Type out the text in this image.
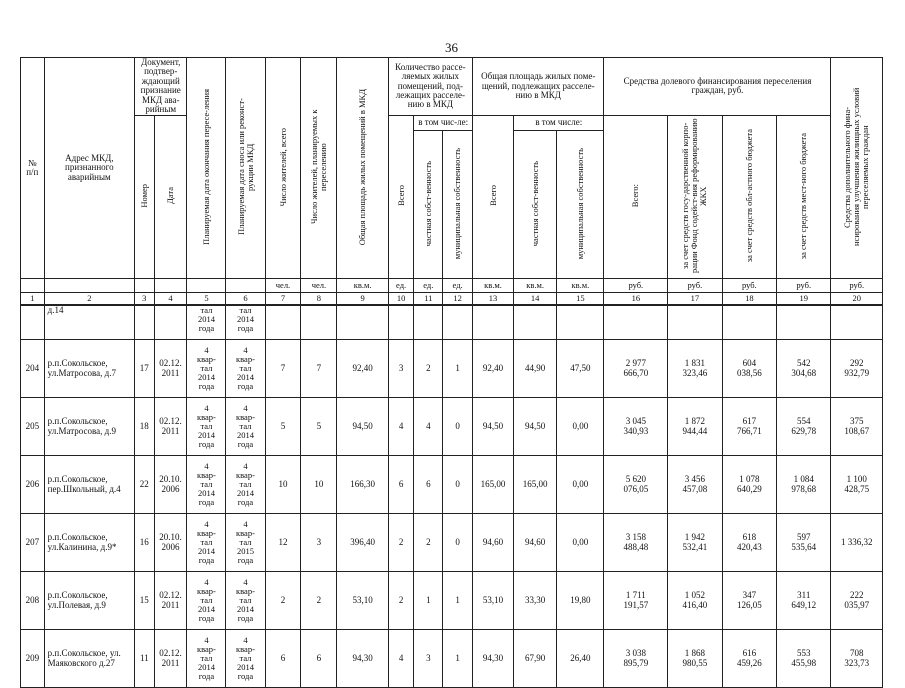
36
№
п/п	Адрес МКД, признанного аварийным	Документ, подтвер-ждающий признание МКД ава-рийным		Планируемая дата окончания пересе-ления	Планируемая дата сноса или реконст-рукции МКД	Число жителей, всего	Число жителей, планируемых к переселению	Общая площадь жилых помещений в МКД	Количество рассе-ляемых жилых помещений, под-лежащих расселе-нию в МКД			Общая площадь жилых поме-щений, подлежащих расселе-нию в МКД			Средства долевого финансирования переселения граждан, руб.				Средства дополнительного фина-нсирования улучшения жилищных условий переселяемых граждан
		Номер	Дата						Всего	в том чис-ле:		Всего	в том числе:		Всего:	за счет средств госу-дарственной корпо-рации Фонд содейст-вия реформированию ЖКХ	за счет средств обл-астного бюджета	за счет средств мест-ного бюджета	
										частная собст-венность	муниципальная собственность		частная собст-венность	муниципальная собственность					
						чел.	чел.	кв.м.	ед.	ед.	ед.	кв.м.	кв.м.	кв.м.	руб.	руб.	руб.	руб.	руб.
1	2	3	4	5	6	7	8	9	10	11	12	13	14	15	16	17	18	19	20
	д.14			тал
2014
года	тал
2014
года														
204	р.п.Сокольское, ул.Матросова, д.7	17	02.12.
2011	4
квар-
тал
2014
года	4
квар-
тал
2014
года	7	7	92,40	3	2	1	92,40	44,90	47,50	2 977
666,70	1 831
323,46	604
038,56	542
304,68	292
932,79
205	р.п.Сокольское, ул.Матросова, д.9	18	02.12.
2011	4
квар-
тал
2014
года	4
квар-
тал
2014
года	5	5	94,50	4	4	0	94,50	94,50	0,00	3 045
340,93	1 872
944,44	617
766,71	554
629,78	375
108,67
206	р.п.Сокольское, пер.Школьный, д.4	22	20.10.
2006	4
квар-
тал
2014
года	4
квар-
тал
2014
года	10	10	166,30	6	6	0	165,00	165,00	0,00	5 620
076,05	3 456
457,08	1 078
640,29	1 084
978,68	1 100
428,75
207	р.п.Сокольское, ул.Калинина, д.9*	16	20.10.
2006	4
квар-
тал
2014
года	4
квар-
тал
2015
года	12	3	396,40	2	2	0	94,60	94,60	0,00	3 158
488,48	1 942
532,41	618
420,43	597
535,64	1 336,32
208	р.п.Сокольское, ул.Полевая, д.9	15	02.12.
2011	4
квар-
тал
2014
года	4
квар-
тал
2014
года	2	2	53,10	2	1	1	53,10	33,30	19,80	1 711
191,57	1 052
416,40	347
126,05	311
649,12	222
035,97
209	р.п.Сокольское, ул. Маяковского д.27	11	02.12.
2011	4
квар-
тал
2014
года	4
квар-
тал
2014
года	6	6	94,30	4	3	1	94,30	67,90	26,40	3 038
895,79	1 868
980,55	616
459,26	553
455,98	708
323,73
